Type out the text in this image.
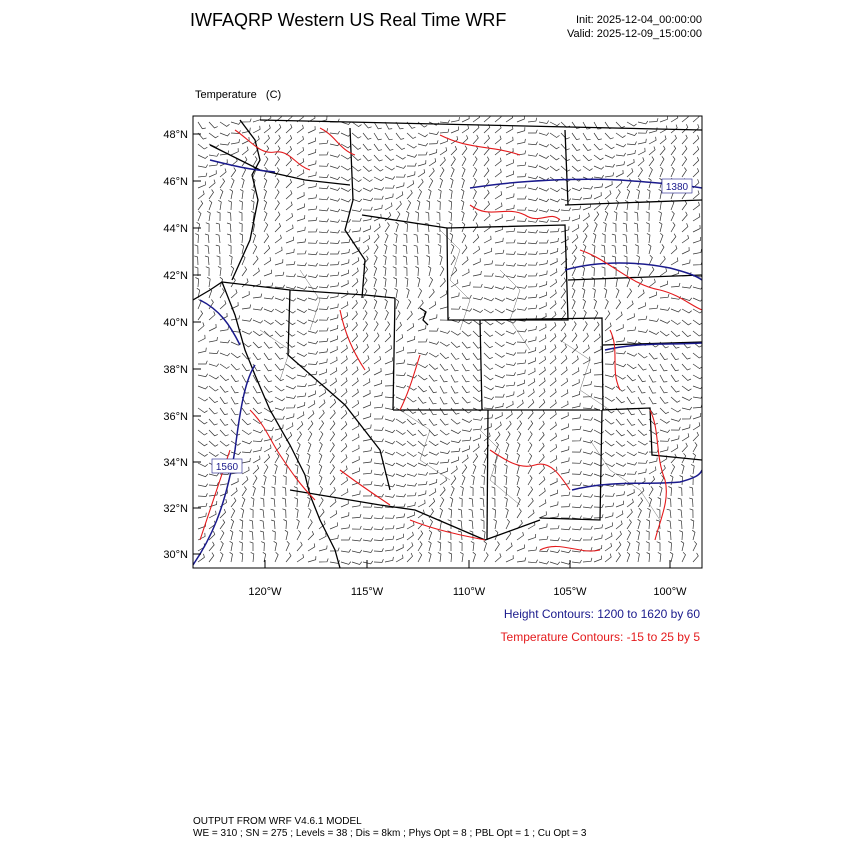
IWFAQRP Western US Real Time WRF	Init: 2025-12-04_00:00:00
Valid: 2025-12-09_15:00:00

Temperature   (C)

1560
1380
48°N
46°N
44°N
42°N
40°N
38°N
36°N
34°N
32°N
30°N
120°W	115°W	110°W	105°W	100°W
Height Contours: 1200 to 1620 by 60
Temperature Contours: -15 to 25 by 5
OUTPUT FROM WRF V4.6.1 MODEL
WE = 310 ; SN = 275 ; Levels = 38 ; Dis = 8km ; Phys Opt = 8 ; PBL Opt = 1 ; Cu Opt = 3
